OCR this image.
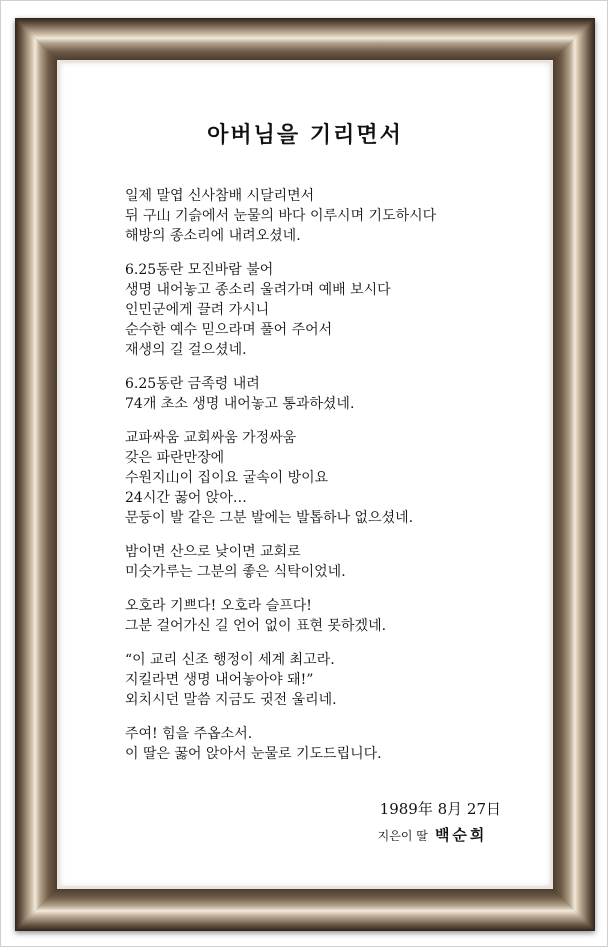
아버님을 기리면서
일제 말엽 신사참배 시달리면서
뒤 구山 기슭에서 눈물의 바다 이루시며 기도하시다
해방의 종소리에 내려오셨네.
6.25동란 모진바람 불어
생명 내어놓고 종소리 울려가며 예배 보시다
인민군에게 끌려 가시니
순수한 예수 믿으라며 풀어 주어서
재생의 길 걸으셨네.
6.25동란 금족령 내려
74개 초소 생명 내어놓고 통과하셨네.
교파싸움 교회싸움 가정싸움
갖은 파란만장에
수원지山이 집이요 굴속이 방이요
24시간 꿇어 앉아…
문둥이 발 같은 그분 발에는 발톱하나 없으셨네.
밤이면 산으로 낮이면 교회로
미숫가루는 그분의 좋은 식탁이었네.
오호라 기쁘다! 오호라 슬프다!
그분 걸어가신 길 언어 없이 표현 못하겠네.
“이 교리 신조 행정이 세계 최고라.
지킬라면 생명 내어놓아야 돼!”
외치시던 말씀 지금도 귓전 울리네.
주여! 힘을 주옵소서.
이 딸은 꿇어 앉아서 눈물로 기도드립니다.
1989年 8月 27日
지은이 딸 백순희
